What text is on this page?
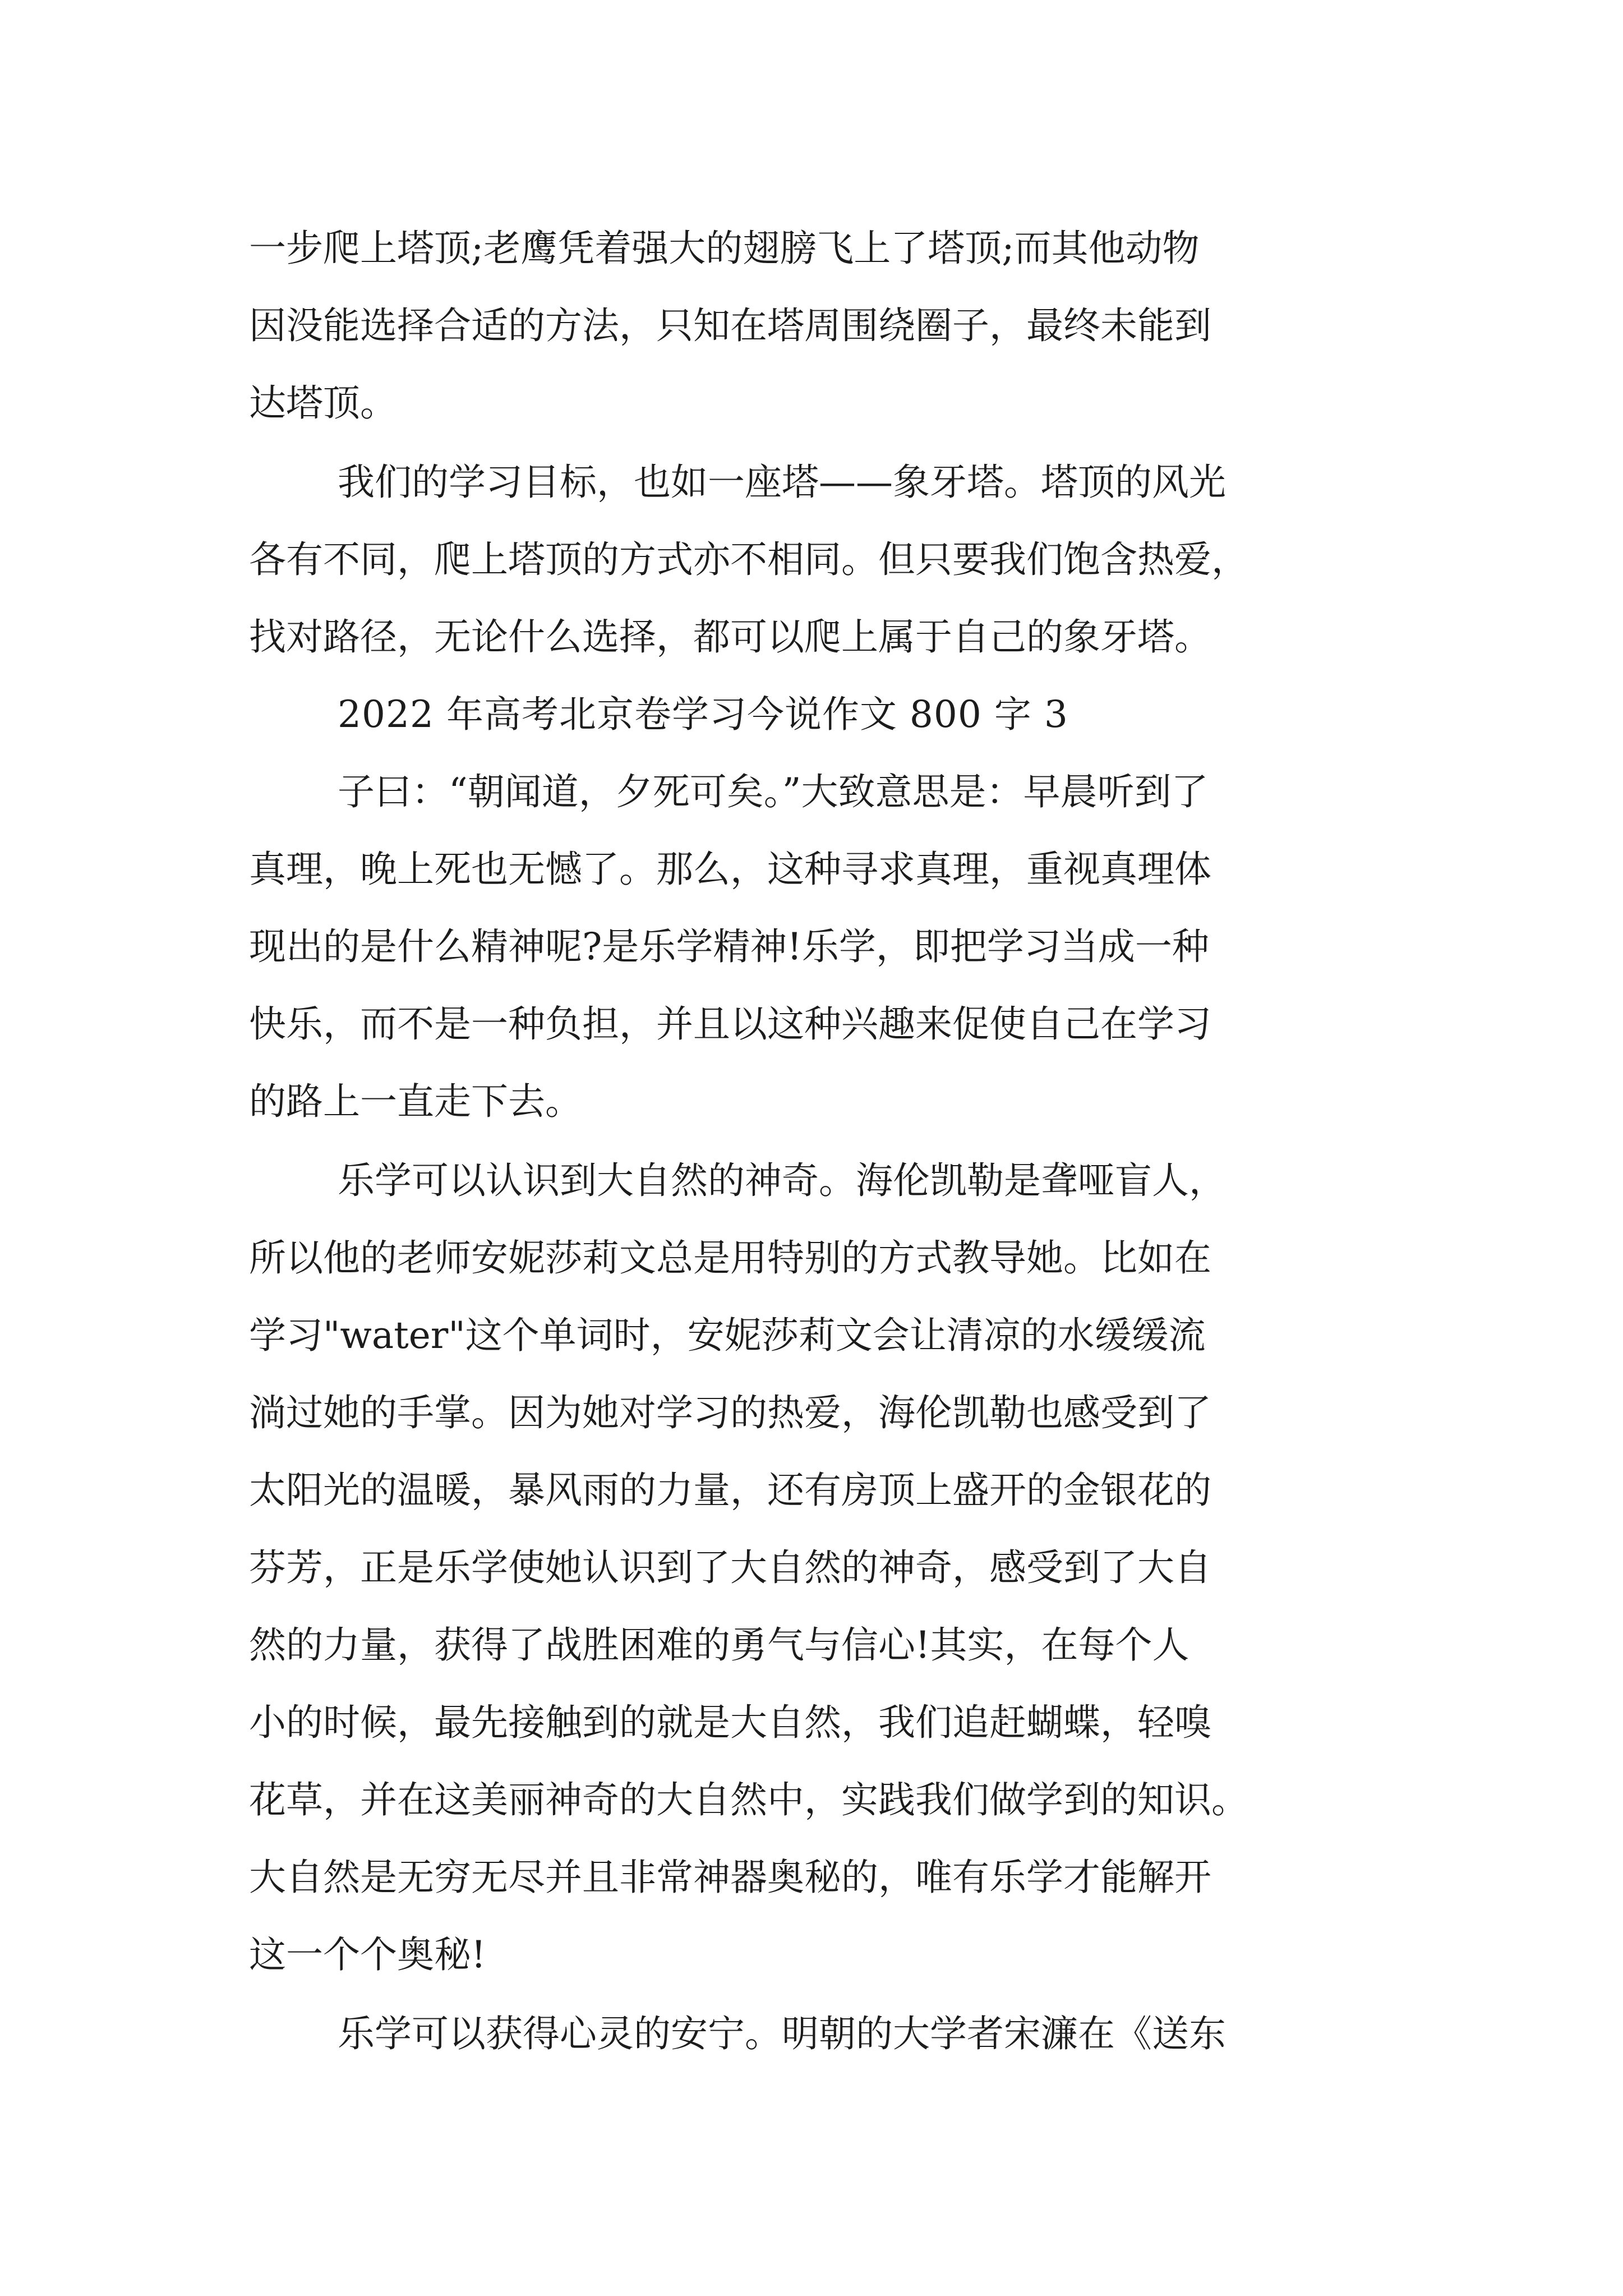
一步爬上塔顶;老鹰凭着强大的翅膀飞上了塔顶;而其他动物
因没能选择合适的方法，只知在塔周围绕圈子，最终未能到
达塔顶。
我们的学习目标，也如一座塔——象牙塔。塔顶的风光
各有不同，爬上塔顶的方式亦不相同。但只要我们饱含热爱，
找对路径，无论什么选择，都可以爬上属于自己的象牙塔。
2022 年高考北京卷学习今说作文 800 字 3
子曰：“朝闻道，夕死可矣。”大致意思是：早晨听到了
真理，晚上死也无憾了。那么，这种寻求真理，重视真理体
现出的是什么精神呢?是乐学精神!乐学，即把学习当成一种
快乐，而不是一种负担，并且以这种兴趣来促使自己在学习
的路上一直走下去。
乐学可以认识到大自然的神奇。海伦凯勒是聋哑盲人，
所以他的老师安妮莎莉文总是用特别的方式教导她。比如在
学习"water"这个单词时，安妮莎莉文会让清凉的水缓缓流
淌过她的手掌。因为她对学习的热爱，海伦凯勒也感受到了
太阳光的温暖，暴风雨的力量，还有房顶上盛开的金银花的
芬芳，正是乐学使她认识到了大自然的神奇，感受到了大自
然的力量，获得了战胜困难的勇气与信心!其实，在每个人
小的时候，最先接触到的就是大自然，我们追赶蝴蝶，轻嗅
花草，并在这美丽神奇的大自然中，实践我们做学到的知识。
大自然是无穷无尽并且非常神器奥秘的，唯有乐学才能解开
这一个个奥秘!
乐学可以获得心灵的安宁。明朝的大学者宋濂在《送东
